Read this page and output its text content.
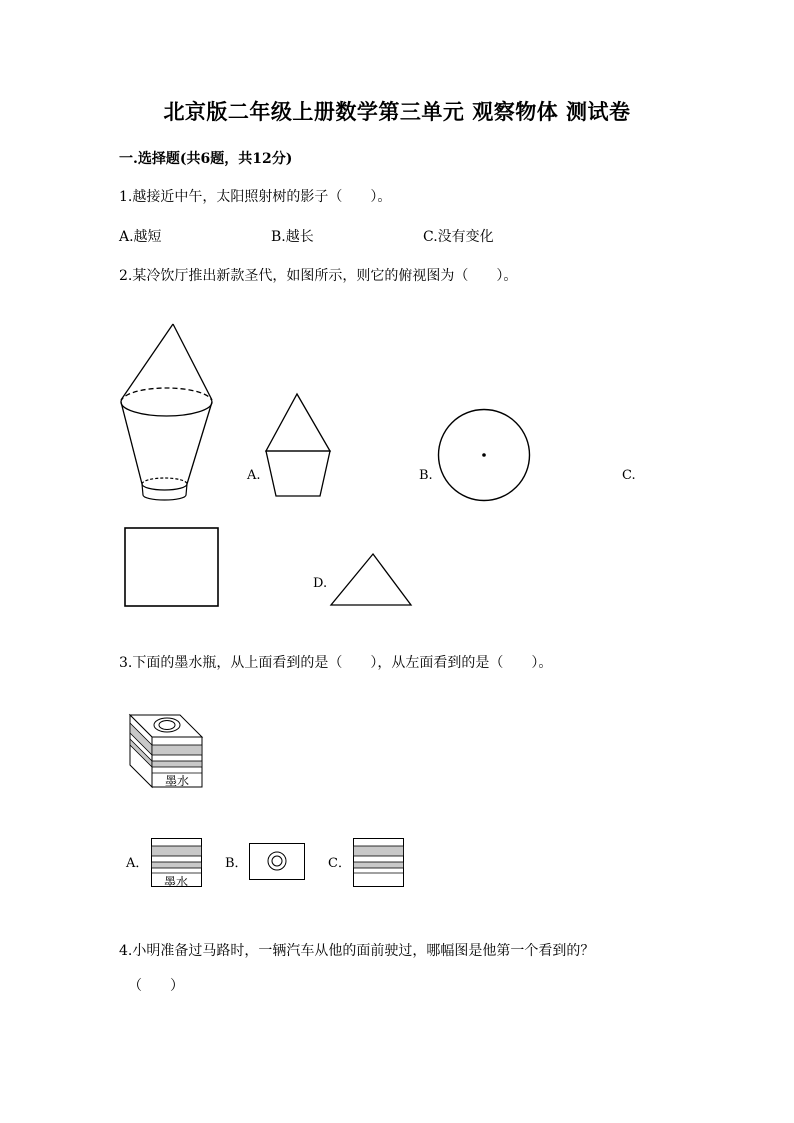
北京版二年级上册数学第三单元 观察物体 测试卷
一.选择题(共6题，共12分)
1.越接近中午，太阳照射树的影子（　　）。
A.越短	B.越长	C.没有变化
2.某冷饮厅推出新款圣代，如图所示，则它的俯视图为（　　）。
A.	B.	C.
D.
3.下面的墨水瓶，从上面看到的是（　　），从左面看到的是（　　）。
墨水
A．
墨水
B．	C．
4.小明准备过马路时，一辆汽车从他的面前驶过，哪幅图是他第一个看到的？
（　　）
